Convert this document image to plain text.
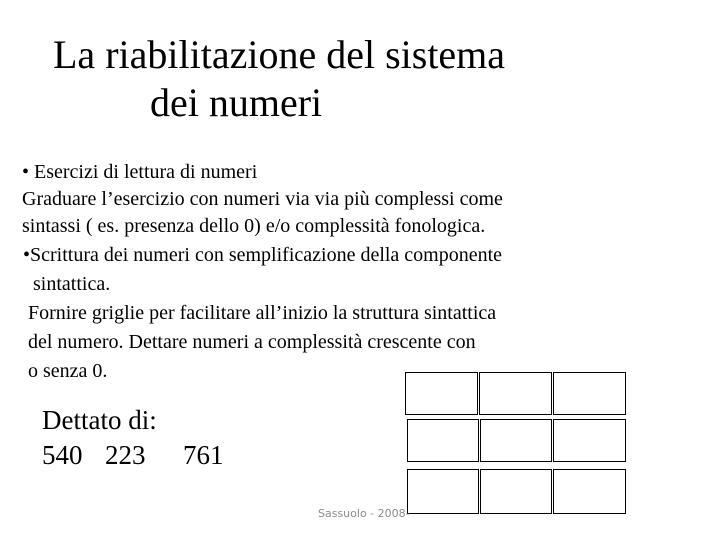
La riabilitazione del sistema
dei numeri
• Esercizi di lettura di numeri
Graduare l’esercizio con numeri via via più complessi come
sintassi ( es. presenza dello 0) e/o complessità fonologica.
•Scrittura dei numeri con semplificazione della componente
sintattica.
Fornire griglie per facilitare all’inizio la struttura sintattica
del numero. Dettare numeri a complessità crescente con
o senza 0.
Dettato di:
540 223 761
Sassuolo - 2008-
